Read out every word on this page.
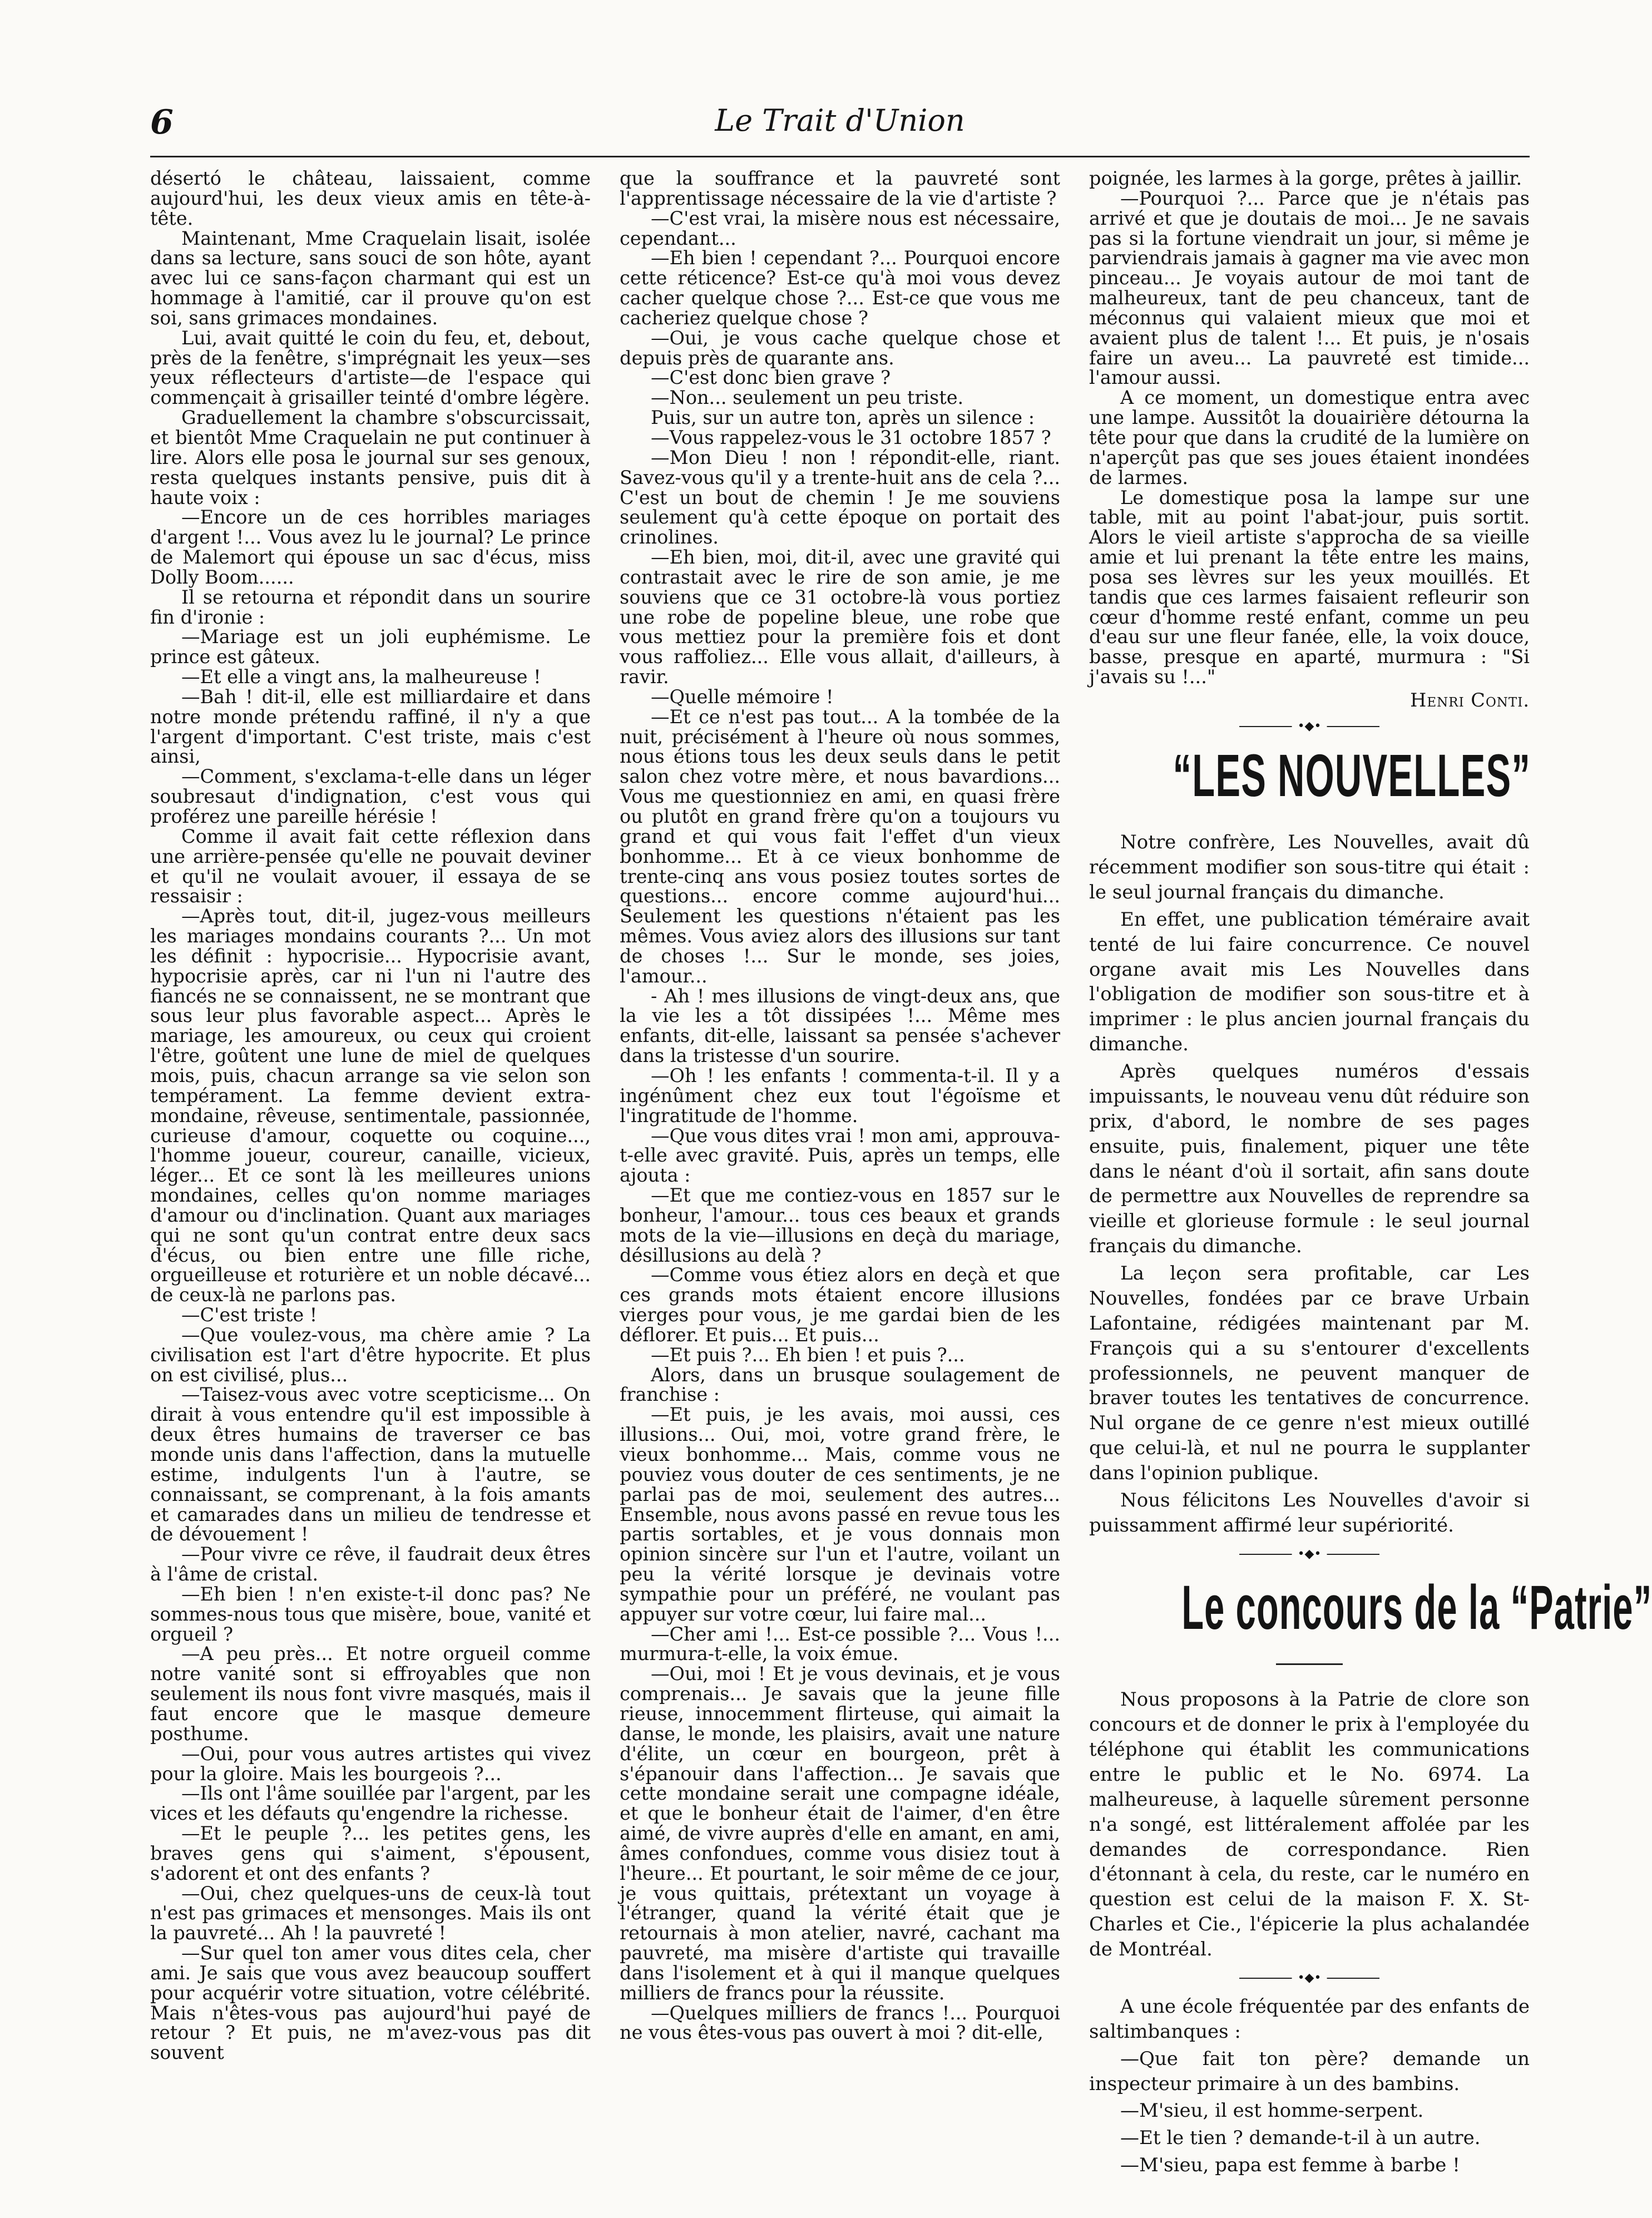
6	Le Trait d'Union

désertó le château, laissaient, comme aujourd'hui, les deux vieux amis en tête-à-tête.

Maintenant, Mme Craquelain lisait, isolée dans sa lecture, sans souci de son hôte, ayant avec lui ce sans-façon charmant qui est un hommage à l'amitié, car il prouve qu'on est soi, sans grimaces mondaines.

Lui, avait quitté le coin du feu, et, debout, près de la fenêtre, s'imprégnait les yeux—ses yeux réflecteurs d'artiste—de l'espace qui commençait à grisailler teinté d'ombre légère.

Graduellement la chambre s'obscurcissait, et bientôt Mme Craquelain ne put continuer à lire. Alors elle posa le journal sur ses genoux, resta quelques instants pensive, puis dit à haute voix :

—Encore un de ces horribles mariages d'argent !... Vous avez lu le journal? Le prince de Malemort qui épouse un sac d'écus, miss Dolly Boom......

Il se retourna et répondit dans un sourire fin d'ironie :

—Mariage est un joli euphémisme. Le prince est gâteux.

—Et elle a vingt ans, la malheureuse !

—Bah ! dit-il, elle est milliardaire et dans notre monde prétendu raffiné, il n'y a que l'argent d'important. C'est triste, mais c'est ainsi,

—Comment, s'exclama-t-elle dans un léger soubresaut d'indignation, c'est vous qui proférez une pareille hérésie !

Comme il avait fait cette réflexion dans une arrière-pensée qu'elle ne pouvait deviner et qu'il ne voulait avouer, il essaya de se ressaisir :

—Après tout, dit-il, jugez-vous meilleurs les mariages mondains courants ?... Un mot les définit : hypocrisie... Hypocrisie avant, hypocrisie après, car ni l'un ni l'autre des fiancés ne se connaissent, ne se montrant que sous leur plus favorable aspect... Après le mariage, les amoureux, ou ceux qui croient l'être, goûtent une lune de miel de quelques mois, puis, chacun arrange sa vie selon son tempérament. La femme devient extra-mondaine, rêveuse, sentimentale, passionnée, curieuse d'amour, coquette ou coquine..., l'homme joueur, coureur, canaille, vicieux, léger... Et ce sont là les meilleures unions mondaines, celles qu'on nomme mariages d'amour ou d'inclination. Quant aux mariages qui ne sont qu'un contrat entre deux sacs d'écus, ou bien entre une fille riche, orgueilleuse et roturière et un noble décavé... de ceux-là ne parlons pas.

—C'est triste !

—Que voulez-vous, ma chère amie ? La civilisation est l'art d'être hypocrite. Et plus on est civilisé, plus...

—Taisez-vous avec votre scepticisme... On dirait à vous entendre qu'il est impossible à deux êtres humains de traverser ce bas monde unis dans l'affection, dans la mutuelle estime, indulgents l'un à l'autre, se connaissant, se comprenant, à la fois amants et camarades dans un milieu de tendresse et de dévouement !

—Pour vivre ce rêve, il faudrait deux êtres à l'âme de cristal.

—Eh bien ! n'en existe-t-il donc pas? Ne sommes-nous tous que misère, boue, vanité et orgueil ?

—A peu près... Et notre orgueil comme notre vanité sont si effroyables que non seulement ils nous font vivre masqués, mais il faut encore que le masque demeure posthume.

—Oui, pour vous autres artistes qui vivez pour la gloire. Mais les bourgeois ?...

—Ils ont l'âme souillée par l'argent, par les vices et les défauts qu'engendre la richesse.

—Et le peuple ?... les petites gens, les braves gens qui s'aiment, s'épousent, s'adorent et ont des enfants ?

—Oui, chez quelques-uns de ceux-là tout n'est pas grimaces et mensonges. Mais ils ont la pauvreté... Ah ! la pauvreté !

—Sur quel ton amer vous dites cela, cher ami. Je sais que vous avez beaucoup souffert pour acquérir votre situation, votre célébrité. Mais n'êtes-vous pas aujourd'hui payé de retour ? Et puis, ne m'avez-vous pas dit souvent

que la souffrance et la pauvreté sont l'apprentissage nécessaire de la vie d'artiste ?

—C'est vrai, la misère nous est nécessaire, cependant...

—Eh bien ! cependant ?... Pourquoi encore cette réticence? Est-ce qu'à moi vous devez cacher quelque chose ?... Est-ce que vous me cacheriez quelque chose ?

—Oui, je vous cache quelque chose et depuis près de quarante ans.

—C'est donc bien grave ?

—Non... seulement un peu triste.

Puis, sur un autre ton, après un silence :

—Vous rappelez-vous le 31 octobre 1857 ?

—Mon Dieu ! non ! répondit-elle, riant. Savez-vous qu'il y a trente-huit ans de cela ?... C'est un bout de chemin ! Je me souviens seulement qu'à cette époque on portait des crinolines.

—Eh bien, moi, dit-il, avec une gravité qui contrastait avec le rire de son amie, je me souviens que ce 31 octobre-là vous portiez une robe de popeline bleue, une robe que vous mettiez pour la première fois et dont vous raffoliez... Elle vous allait, d'ailleurs, à ravir.

—Quelle mémoire !

—Et ce n'est pas tout... A la tombée de la nuit, précisément à l'heure où nous sommes, nous étions tous les deux seuls dans le petit salon chez votre mère, et nous bavardions... Vous me questionniez en ami, en quasi frère ou plutôt en grand frère qu'on a toujours vu grand et qui vous fait l'effet d'un vieux bonhomme... Et à ce vieux bonhomme de trente-cinq ans vous posiez toutes sortes de questions... encore comme aujourd'hui... Seulement les questions n'étaient pas les mêmes. Vous aviez alors des illusions sur tant de choses !... Sur le monde, ses joies, l'amour...

- Ah ! mes illusions de vingt-deux ans, que la vie les a tôt dissipées !... Même mes enfants, dit-elle, laissant sa pensée s'achever dans la tristesse d'un sourire.

—Oh ! les enfants ! commenta-t-il. Il y a ingénûment chez eux tout l'égoïsme et l'ingratitude de l'homme.

—Que vous dites vrai ! mon ami, approuva-t-elle avec gravité. Puis, après un temps, elle ajouta :

—Et que me contiez-vous en 1857 sur le bonheur, l'amour... tous ces beaux et grands mots de la vie—illusions en deçà du mariage, désillusions au delà ?

—Comme vous étiez alors en deçà et que ces grands mots étaient encore illusions vierges pour vous, je me gardai bien de les déflorer. Et puis... Et puis...

—Et puis ?... Eh bien ! et puis ?...

Alors, dans un brusque soulagement de franchise :

—Et puis, je les avais, moi aussi, ces illusions... Oui, moi, votre grand frère, le vieux bonhomme... Mais, comme vous ne pouviez vous douter de ces sentiments, je ne parlai pas de moi, seulement des autres... Ensemble, nous avons passé en revue tous les partis sortables, et je vous donnais mon opinion sincère sur l'un et l'autre, voilant un peu la vérité lorsque je devinais votre sympathie pour un préféré, ne voulant pas appuyer sur votre cœur, lui faire mal...

—Cher ami !... Est-ce possible ?... Vous !... murmura-t-elle, la voix émue.

—Oui, moi ! Et je vous devinais, et je vous comprenais... Je savais que la jeune fille rieuse, innocemment flirteuse, qui aimait la danse, le monde, les plaisirs, avait une nature d'élite, un cœur en bourgeon, prêt à s'épanouir dans l'affection... Je savais que cette mondaine serait une compagne idéale, et que le bonheur était de l'aimer, d'en être aimé, de vivre auprès d'elle en amant, en ami, âmes confondues, comme vous disiez tout à l'heure... Et pourtant, le soir même de ce jour, je vous quittais, prétextant un voyage à l'étranger, quand la vérité était que je retournais à mon atelier, navré, cachant ma pauvreté, ma misère d'artiste qui travaille dans l'isolement et à qui il manque quelques milliers de francs pour la réussite.

—Quelques milliers de francs !... Pourquoi ne vous êtes-vous pas ouvert à moi ? dit-elle,

poignée, les larmes à la gorge, prêtes à jaillir.

—Pourquoi ?... Parce que je n'étais pas arrivé et que je doutais de moi... Je ne savais pas si la fortune viendrait un jour, si même je parviendrais jamais à gagner ma vie avec mon pinceau... Je voyais autour de moi tant de malheureux, tant de peu chanceux, tant de méconnus qui valaient mieux que moi et avaient plus de talent !... Et puis, je n'osais faire un aveu... La pauvreté est timide... l'amour aussi.

A ce moment, un domestique entra avec une lampe. Aussitôt la douairière détourna la tête pour que dans la crudité de la lumière on n'aperçût pas que ses joues étaient inondées de larmes.

Le domestique posa la lampe sur une table, mit au point l'abat-jour, puis sortit. Alors le vieil artiste s'approcha de sa vieille amie et lui prenant la tête entre les mains, posa ses lèvres sur les yeux mouillés. Et tandis que ces larmes faisaient refleurir son cœur d'homme resté enfant, comme un peu d'eau sur une fleur fanée, elle, la voix douce, basse, presque en aparté, murmura : "Si j'avais su !..."

Henri Conti.

•◆•
“LES NOUVELLES”

Notre confrère, Les Nouvelles, avait dû récemment modifier son sous-titre qui était : le seul journal français du dimanche.

En effet, une publication téméraire avait tenté de lui faire concurrence. Ce nouvel organe avait mis Les Nouvelles dans l'obligation de modifier son sous-titre et à imprimer : le plus ancien journal français du dimanche.

Après quelques numéros d'essais impuissants, le nouveau venu dût réduire son prix, d'abord, le nombre de ses pages ensuite, puis, finalement, piquer une tête dans le néant d'où il sortait, afin sans doute de permettre aux Nouvelles de reprendre sa vieille et glorieuse formule : le seul journal français du dimanche.

La leçon sera profitable, car Les Nouvelles, fondées par ce brave Urbain Lafontaine, rédigées maintenant par M. François qui a su s'entourer d'excellents professionnels, ne peuvent manquer de braver toutes les tentatives de concurrence. Nul organe de ce genre n'est mieux outillé que celui-là, et nul ne pourra le supplanter dans l'opinion publique.

Nous félicitons Les Nouvelles d'avoir si puissamment affirmé leur supériorité.

•◆•
Le concours de la “Patrie”

Nous proposons à la Patrie de clore son concours et de donner le prix à l'employée du téléphone qui établit les communications entre le public et le No. 6974. La malheureuse, à laquelle sûrement personne n'a songé, est littéralement affolée par les demandes de correspondance. Rien d'étonnant à cela, du reste, car le numéro en question est celui de la maison F. X. St-Charles et Cie., l'épicerie la plus achalandée de Montréal.

•◆•

A une école fréquentée par des enfants de saltimbanques :

—Que fait ton père? demande un inspecteur primaire à un des bambins.

—M'sieu, il est homme-serpent.

—Et le tien ? demande-t-il à un autre.

—M'sieu, papa est femme à barbe !
